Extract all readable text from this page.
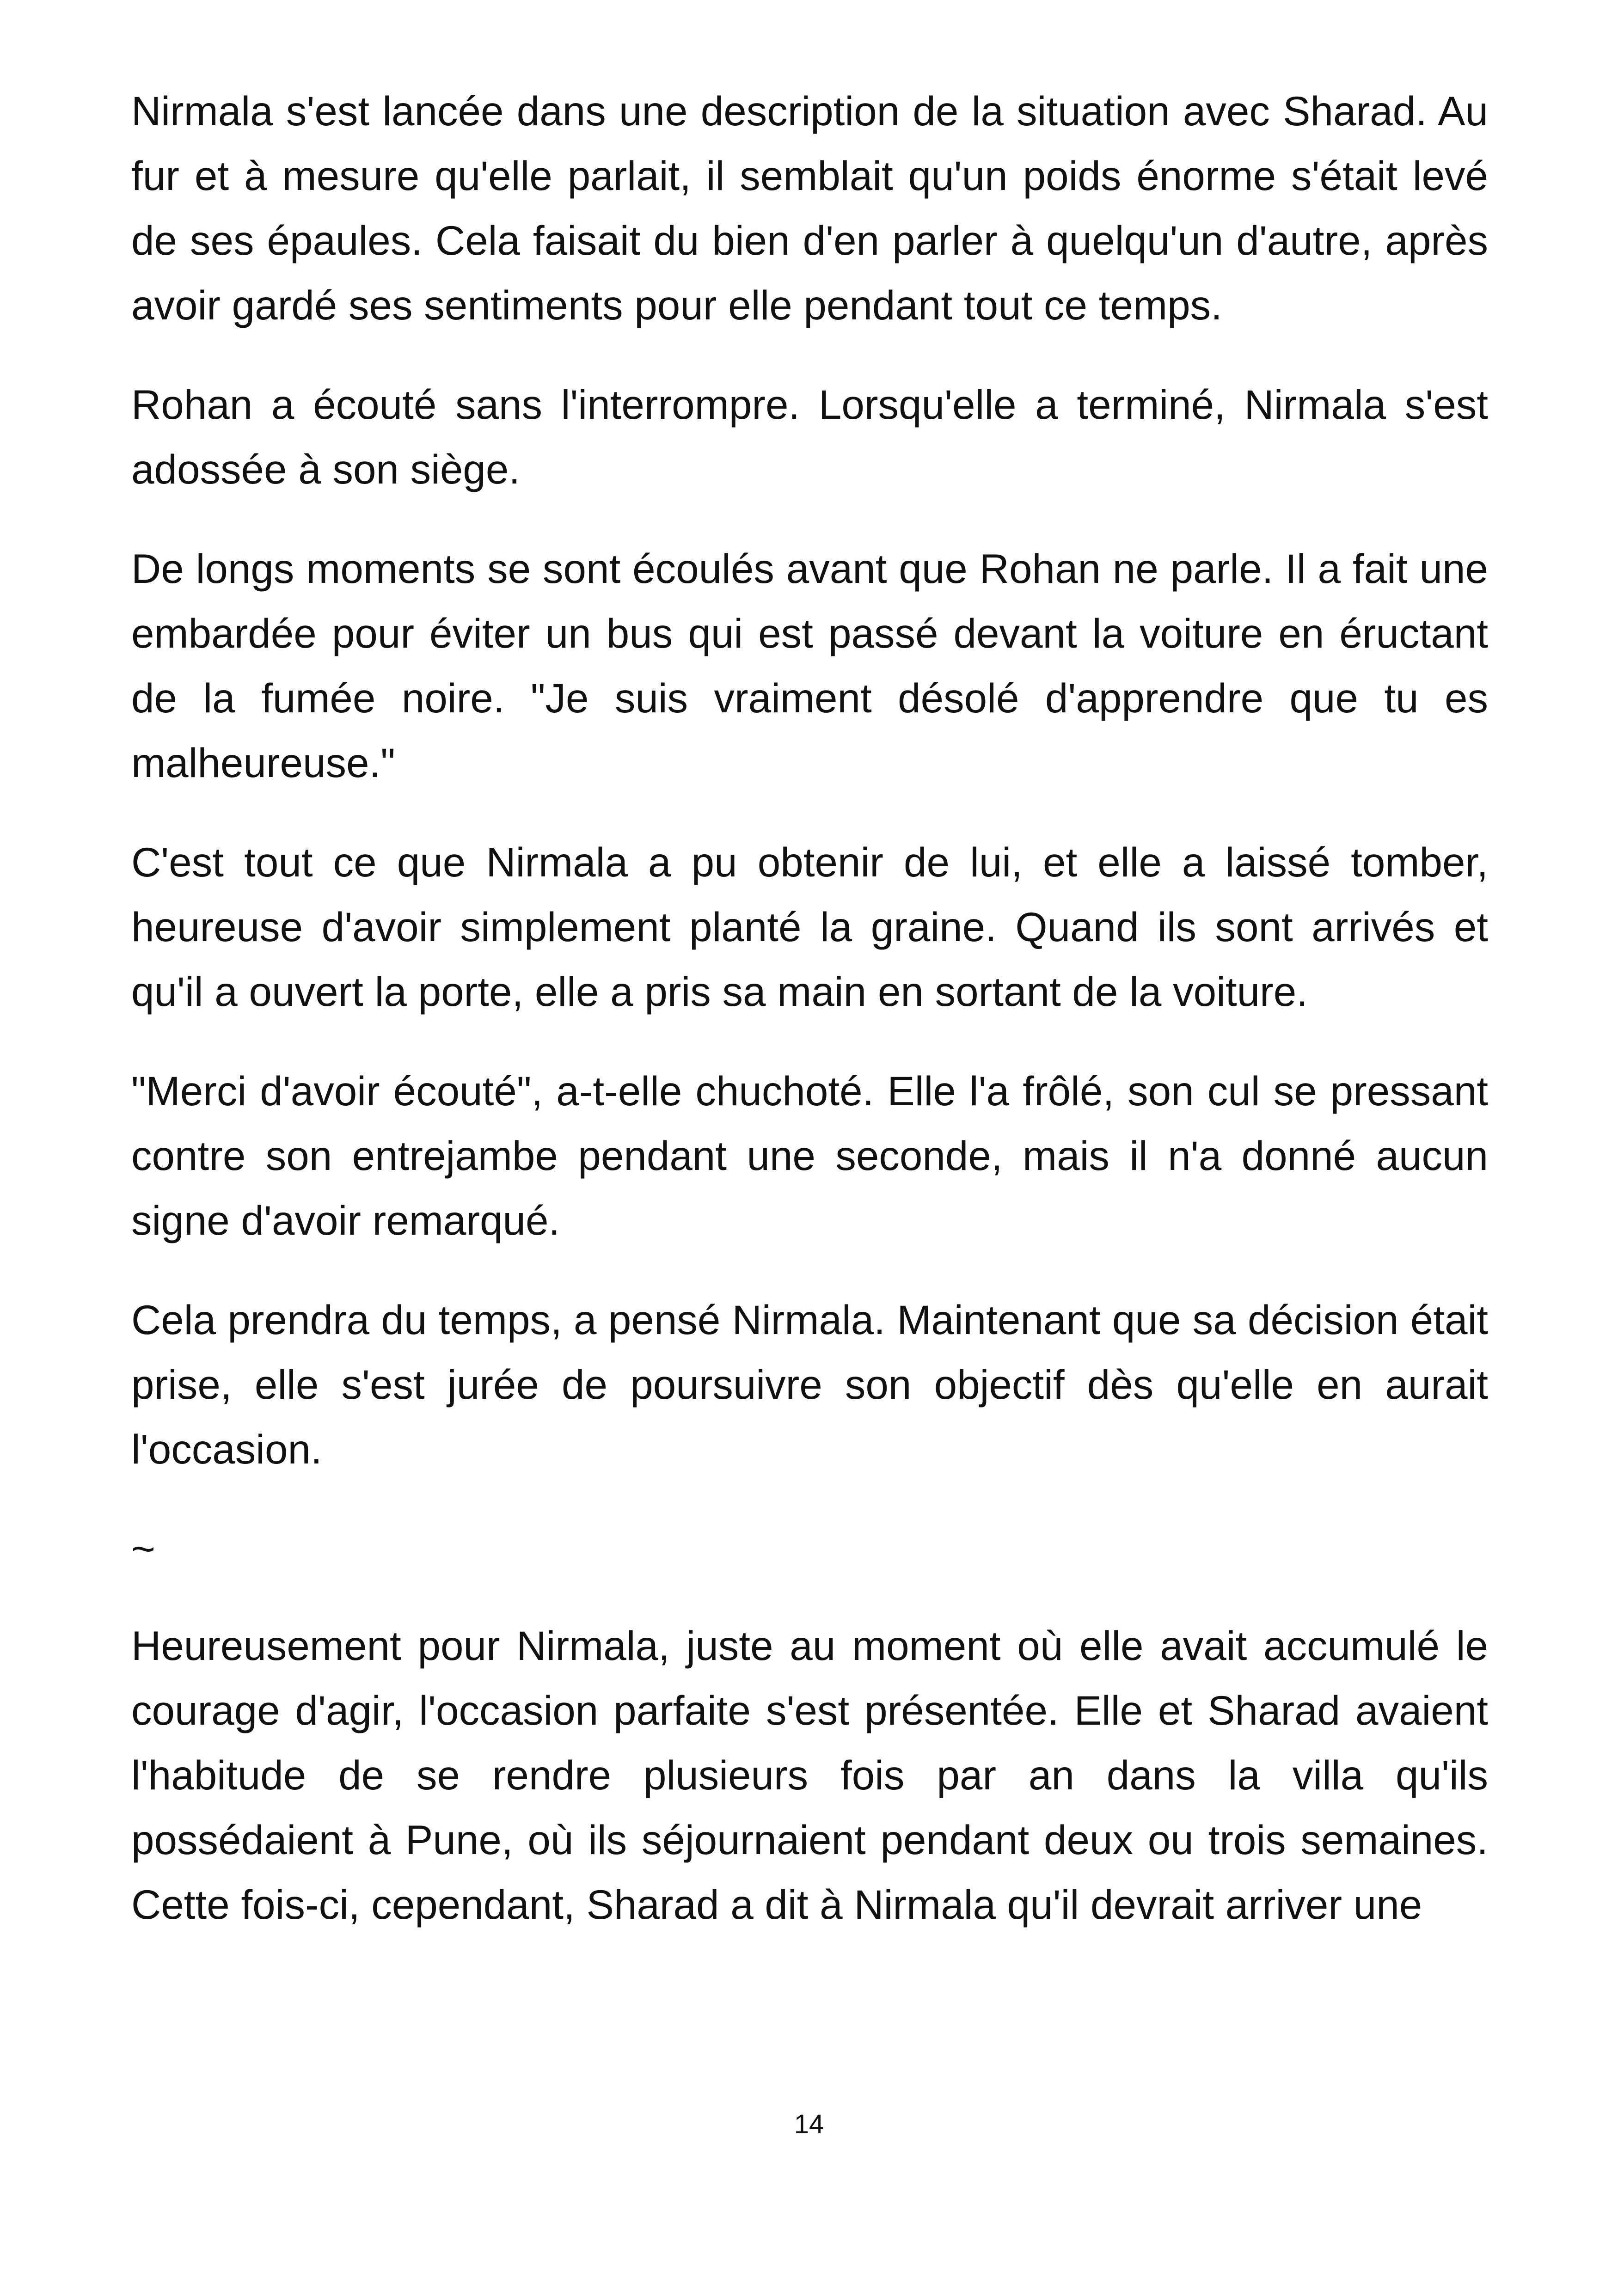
Nirmala s'est lancée dans une description de la situation avec Sharad. Au fur et à mesure qu'elle parlait, il semblait qu'un poids énorme s'était levé de ses épaules. Cela faisait du bien d'en parler à quelqu'un d'autre, après avoir gardé ses sentiments pour elle pendant tout ce temps.

Rohan a écouté sans l'interrompre. Lorsqu'elle a terminé, Nirmala s'est adossée à son siège.

De longs moments se sont écoulés avant que Rohan ne parle. Il a fait une embardée pour éviter un bus qui est passé devant la voiture en éructant de la fumée noire. "Je suis vraiment désolé d'apprendre que tu es malheureuse."

C'est tout ce que Nirmala a pu obtenir de lui, et elle a laissé tomber, heureuse d'avoir simplement planté la graine. Quand ils sont arrivés et qu'il a ouvert la porte, elle a pris sa main en sortant de la voiture.

"Merci d'avoir écouté", a-t-elle chuchoté. Elle l'a frôlé, son cul se pressant contre son entrejambe pendant une seconde, mais il n'a donné aucun signe d'avoir remarqué.

Cela prendra du temps, a pensé Nirmala. Maintenant que sa décision était prise, elle s'est jurée de poursuivre son objectif dès qu'elle en aurait l'occasion.

~

Heureusement pour Nirmala, juste au moment où elle avait accumulé le courage d'agir, l'occasion parfaite s'est présentée. Elle et Sharad avaient l'habitude de se rendre plusieurs fois par an dans la villa qu'ils possédaient à Pune, où ils séjournaient pendant deux ou trois semaines. Cette fois-ci, cependant, Sharad a dit à Nirmala qu'il devrait arriver une

14
